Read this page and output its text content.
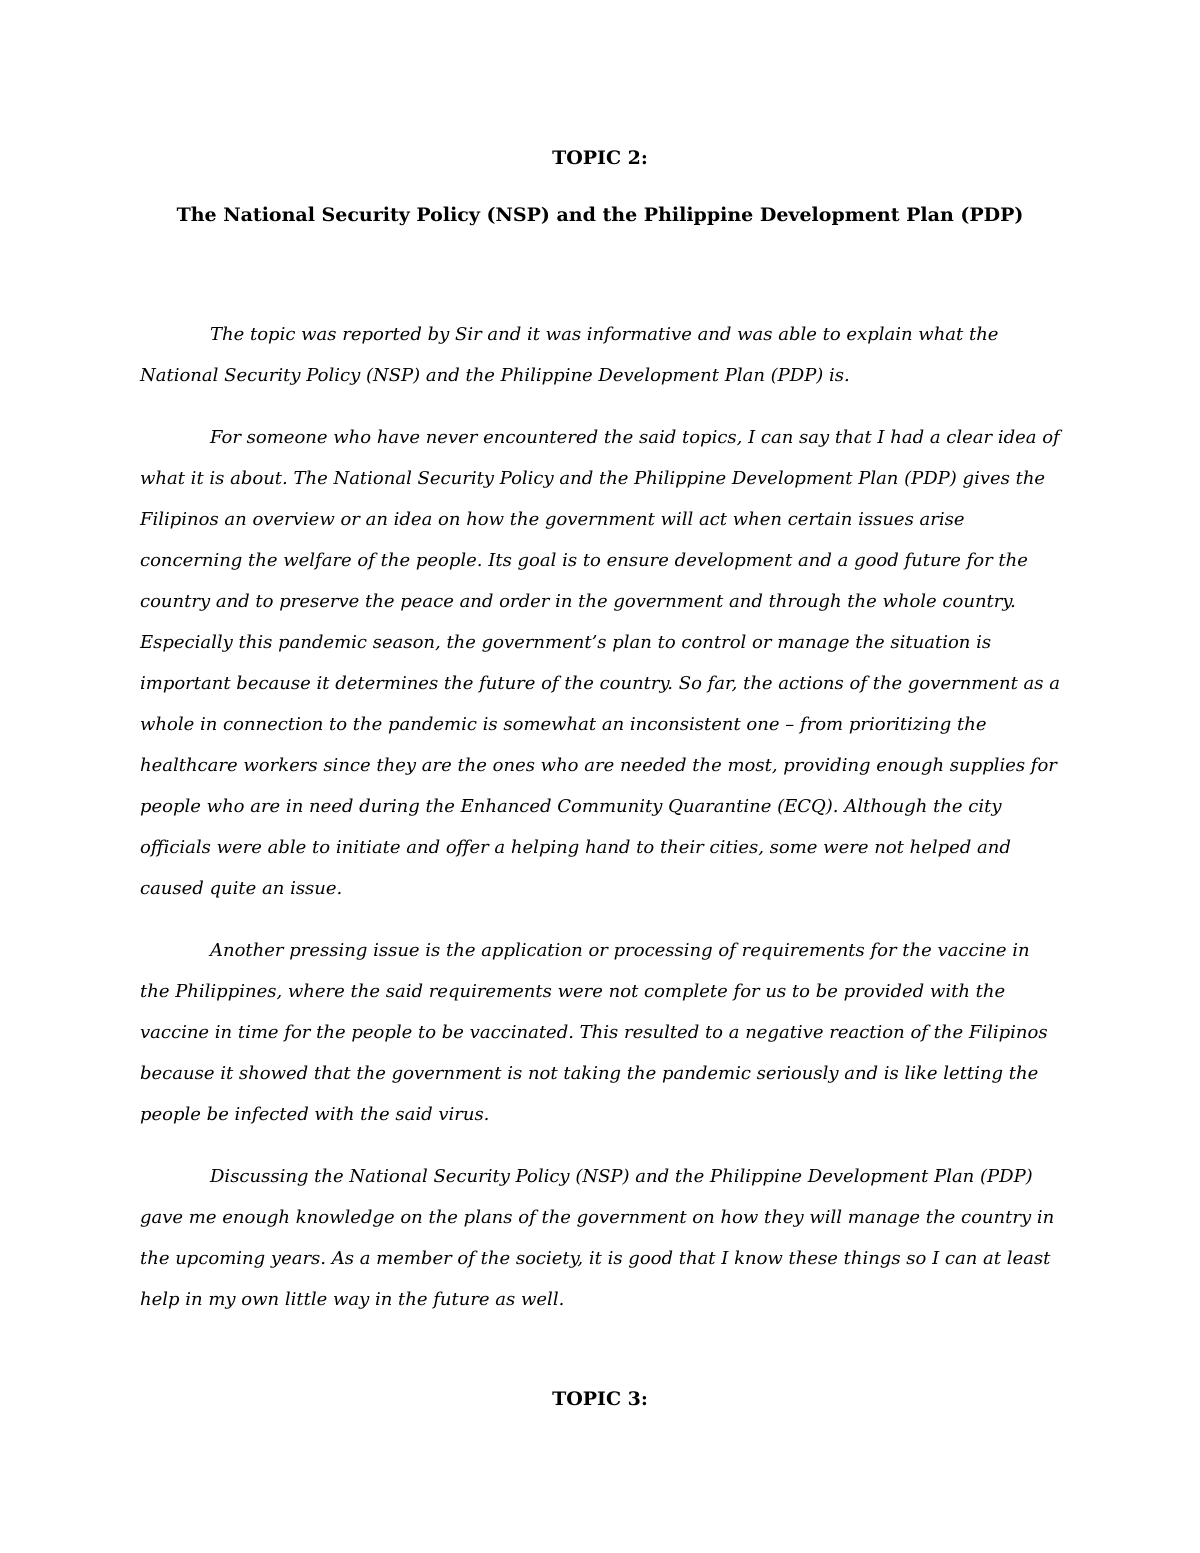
TOPIC 2:
The National Security Policy (NSP) and the Philippine Development Plan (PDP)

The topic was reported by Sir and it was informative and was able to explain what the National Security Policy (NSP) and the Philippine Development Plan (PDP) is.

For someone who have never encountered the said topics, I can say that I had a clear idea of what it is about. The National Security Policy and the Philippine Development Plan (PDP) gives the Filipinos an overview or an idea on how the government will act when certain issues arise concerning the welfare of the people. Its goal is to ensure development and a good future for the country and to preserve the peace and order in the government and through the whole country. Especially this pandemic season, the government’s plan to control or manage the situation is important because it determines the future of the country. So far, the actions of the government as a whole in connection to the pandemic is somewhat an inconsistent one – from prioritizing the healthcare workers since they are the ones who are needed the most, providing enough supplies for people who are in need during the Enhanced Community Quarantine (ECQ). Although the city officials were able to initiate and offer a helping hand to their cities, some were not helped and caused quite an issue.

Another pressing issue is the application or processing of requirements for the vaccine in the Philippines, where the said requirements were not complete for us to be provided with the vaccine in time for the people to be vaccinated. This resulted to a negative reaction of the Filipinos because it showed that the government is not taking the pandemic seriously and is like letting the people be infected with the said virus.

Discussing the National Security Policy (NSP) and the Philippine Development Plan (PDP) gave me enough knowledge on the plans of the government on how they will manage the country in the upcoming years. As a member of the society, it is good that I know these things so I can at least help in my own little way in the future as well.

TOPIC 3:
